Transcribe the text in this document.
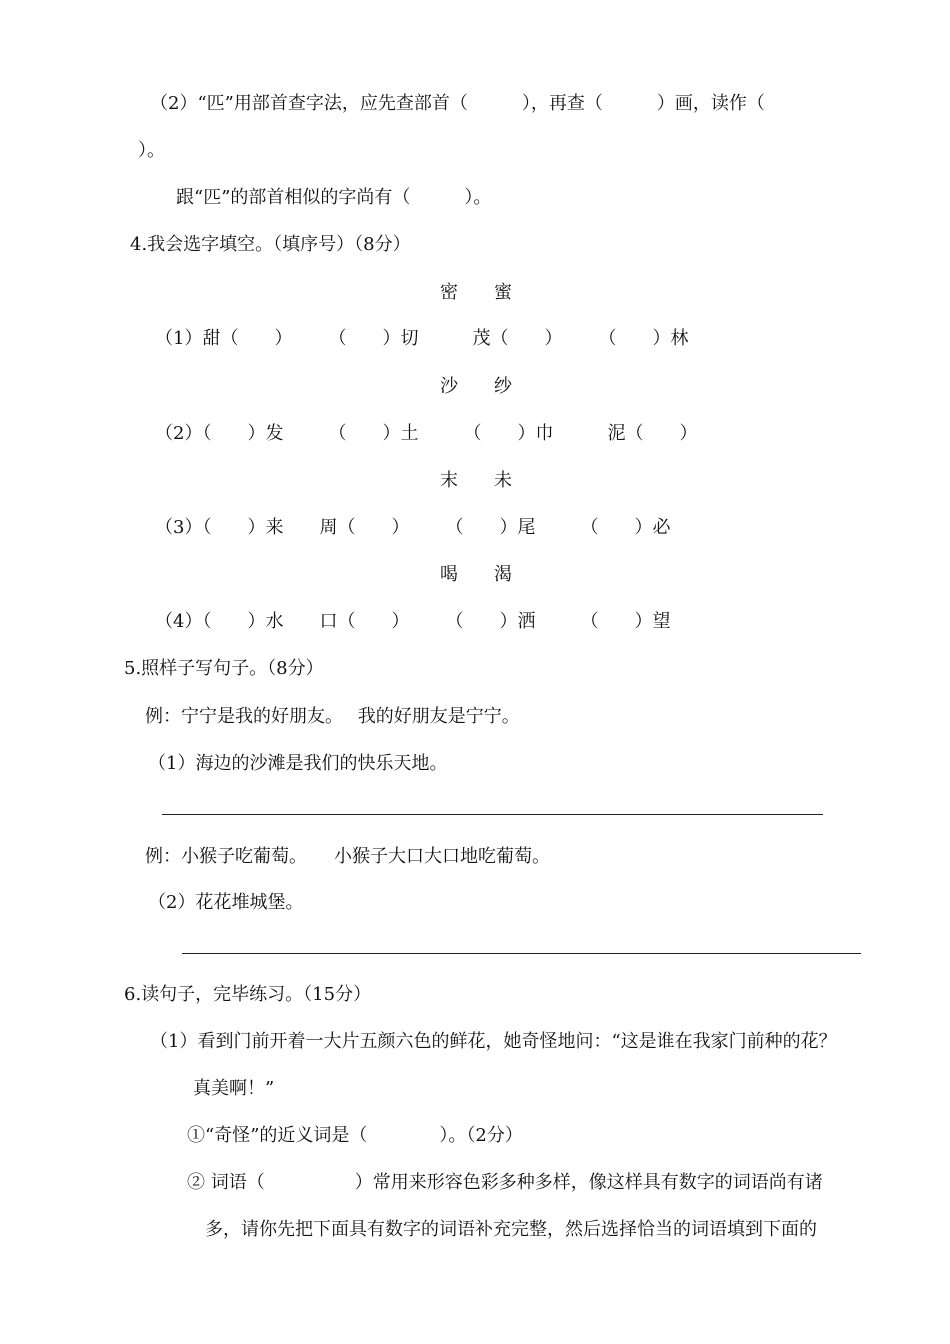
（2）“匹”用部首查字法，应先查部首（　　　），再查（　　　）画，读作（
）。
跟“匹”的部首相似的字尚有（　　　）。
4.我会选字填空。（填序号）（8分）
密　　蜜
（1）甜（　　）　　　（　　）切　　　茂（　　）　　　（　　）林
沙　　纱
（2）（　　）发　　　（　　）土　　　（　　）巾　　　泥（　　）
末　　未
（3）（　　）来　　周（　　）　　　（　　）尾　　　（　　）必
喝　　渴
（4）（　　）水　　口（　　）　　　（　　）洒　　　（　　）望
5.照样子写句子。（8分）
例：宁宁是我的好朋友。　 我的好朋友是宁宁。
（1）海边的沙滩是我们的快乐天地。
例：小猴子吃葡萄。　　小猴子大口大口地吃葡萄。
（2）花花堆城堡。
6.读句子，完毕练习。（15分）
（1）看到门前开着一大片五颜六色的鲜花，她奇怪地问：“这是谁在我家门前种的花？
真美啊！”
①“奇怪”的近义词是（　　　　）。（2分）
② 词语（　　　　　）常用来形容色彩多种多样，像这样具有数字的词语尚有诸
多，请你先把下面具有数字的词语补充完整，然后选择恰当的词语填到下面的
